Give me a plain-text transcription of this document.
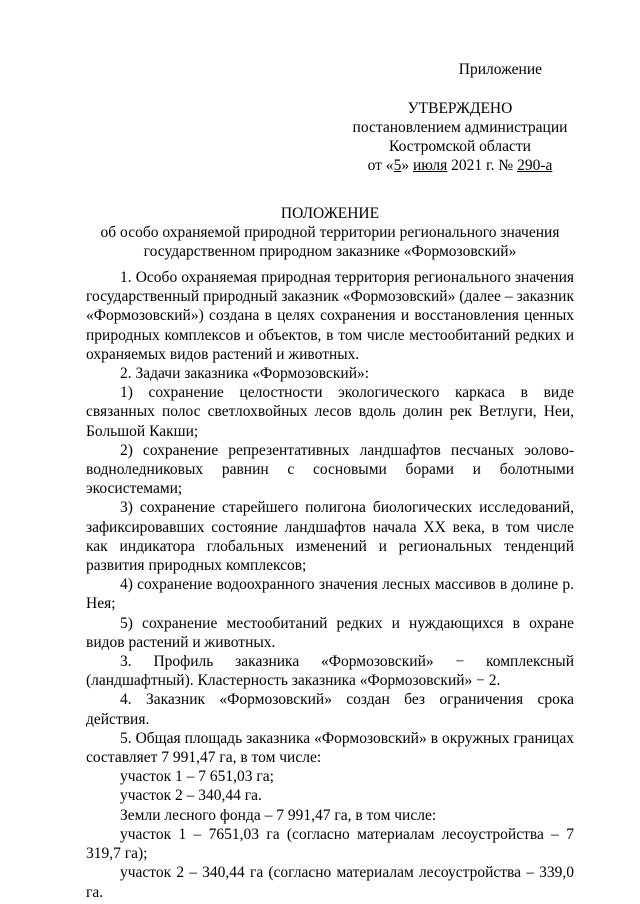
Приложение
УТВЕРЖДЕНО
постановлением администрации
Костромской области
от «5» июля 2021 г. № 290-а
ПОЛОЖЕНИЕ
об особо охраняемой природной территории регионального значения
государственном природном заказнике «Формозовский»

1. Особо охраняемая природная территория регионального значения государственный природный заказник «Формозовский» (далее – заказник «Формозовский») создана в целях сохранения и восстановления ценных природных комплексов и объектов, в том числе местообитаний редких и охраняемых видов растений и животных.

2. Задачи заказника «Формозовский»:

1) сохранение целостности экологического каркаса в виде связанных полос светлохвойных лесов вдоль долин рек Ветлуги, Неи, Большой Какши;

2) сохранение репрезентативных ландшафтов песчаных эолово-водноледниковых равнин с сосновыми борами и болотными экосистемами;

3) сохранение старейшего полигона биологических исследований, зафиксировавших состояние ландшафтов начала XX века, в том числе как индикатора глобальных изменений и региональных тенденций развития природных комплексов;

4) сохранение водоохранного значения лесных массивов в долине р. Нея;

5) сохранение местообитаний редких и нуждающихся в охране видов растений и животных.

3. Профиль заказника «Формозовский» − комплексный (ландшафтный). Кластерность заказника «Формозовский» − 2.

4. Заказник «Формозовский» создан без ограничения срока действия.

5. Общая площадь заказника «Формозовский» в окружных границах составляет 7 991,47 га, в том числе:

участок 1 – 7 651,03 га;

участок 2 – 340,44 га.

Земли лесного фонда – 7 991,47 га, в том числе:

участок 1 – 7651,03 га (согласно материалам лесоустройства – 7 319,7 га);

участок 2 – 340,44 га (согласно материалам лесоустройства – 339,0 га.
